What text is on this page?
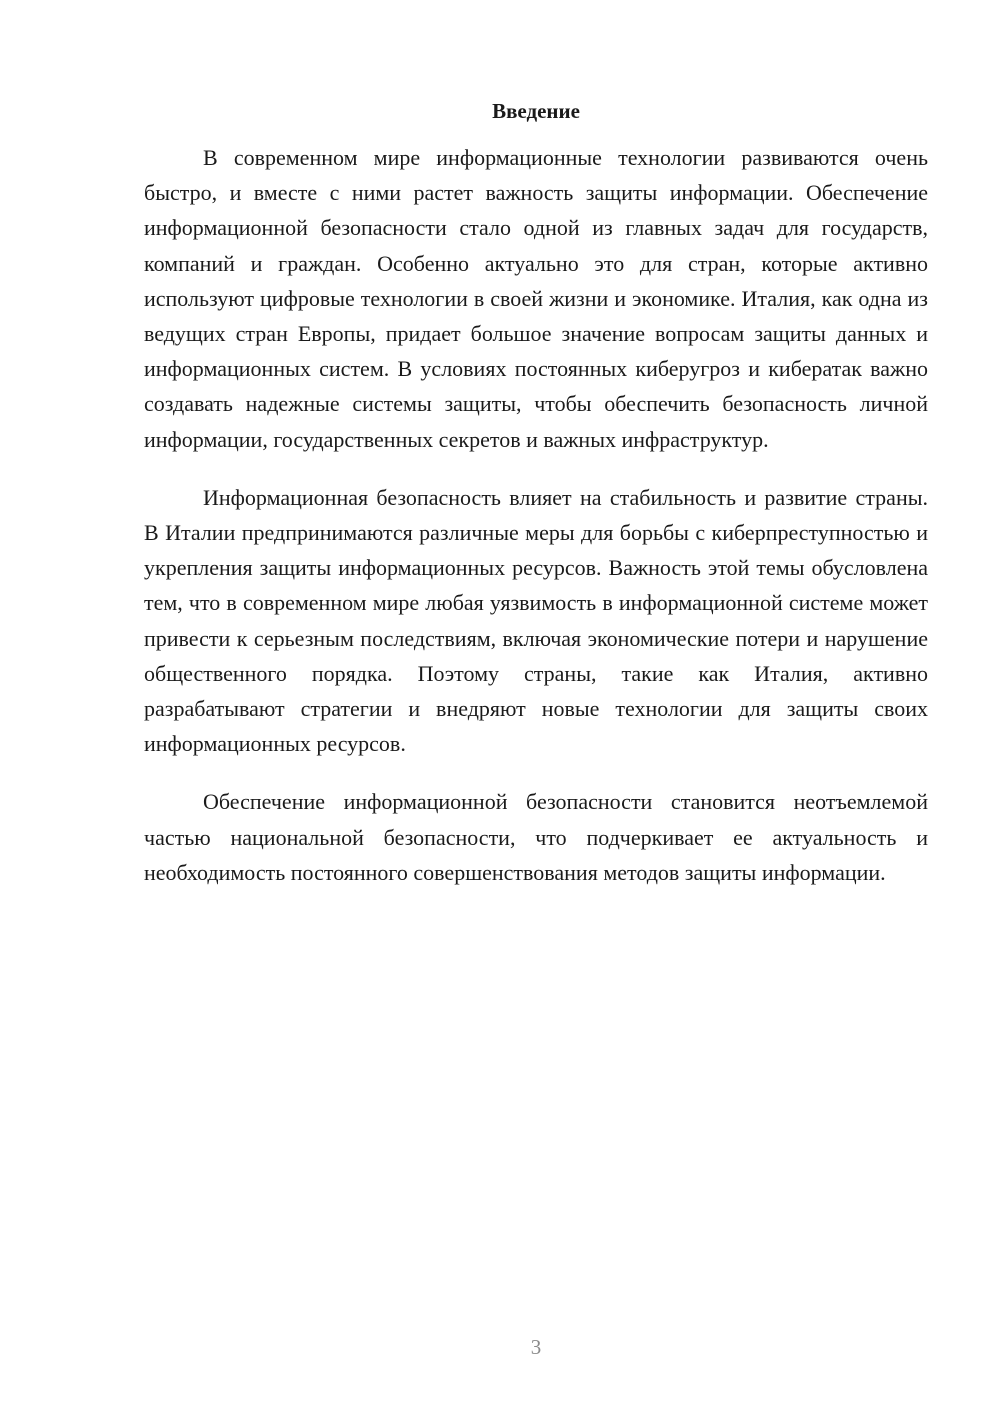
Введение

В современном мире информационные технологии развиваются очень быстро, и вместе с ними растет важность защиты информации. Обеспечение информационной безопасности стало одной из главных задач для государств, компаний и граждан. Особенно актуально это для стран, которые активно используют цифровые технологии в своей жизни и экономике. Италия, как одна из ведущих стран Европы, придает большое значение вопросам защиты данных и информационных систем. В условиях постоянных киберугроз и кибератак важно создавать надежные системы защиты, чтобы обеспечить безопасность личной информации, государственных секретов и важных инфраструктур.

Информационная безопасность влияет на стабильность и развитие страны. В Италии предпринимаются различные меры для борьбы с киберпреступностью и укрепления защиты информационных ресурсов. Важность этой темы обусловлена тем, что в современном мире любая уязвимость в информационной системе может привести к серьезным последствиям, включая экономические потери и нарушение общественного порядка. Поэтому страны, такие как Италия, активно разрабатывают стратегии и внедряют новые технологии для защиты своих информационных ресурсов.

Обеспечение информационной безопасности становится неотъемлемой частью национальной безопасности, что подчеркивает ее актуальность и необходимость постоянного совершенствования методов защиты информации.

3
